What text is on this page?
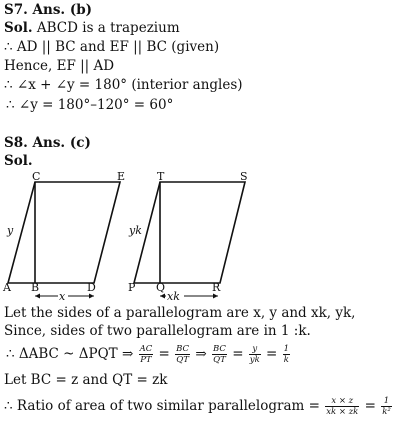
S7. Ans. (b)
Sol. ABCD is a trapezium
∴ AD || BC and EF || BC (given)
Hence, EF || AD
∴ ∠x + ∠y = 180° (interior angles)
∴ ∠y = 180°–120° = 60°
S8. Ans. (c)
Sol.
C	E
y
A B	D
x
T	S
yk
P Q	R
xk
Let the sides of a parallelogram are x, y and xk, yk,
Since, sides of two parallelogram are in 1 :k.
∴ ΔABC ~ ΔPQT ⇒ $\frac{AC}{PT} = \frac{BC}{QT}$ ⇒ $\frac{BC}{QT} = \frac{y}{yk} = \frac{1}{k}$
Let BC = z and QT = zk
∴ Ratio of area of two similar parallelogram = $\frac{x \times z}{xk \times zk} = \frac{1}{\text{k²}}$
